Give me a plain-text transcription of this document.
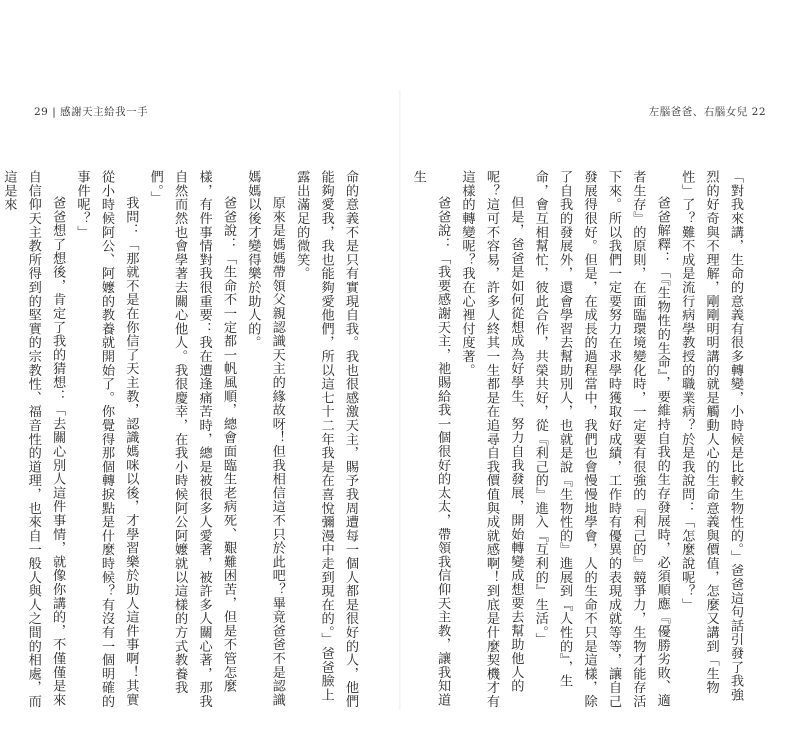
29 | 感謝天主給我一手	左腦爸爸、右腦女兒 22

命的意義不是只有實現自我。我也很感激天主，賜予我周遭每一個人都是很好的人，他們能夠愛我，我也能夠愛他們，所以這七十二年我是在喜悅彌漫中走到現在的。」爸爸臉上露出滿足的微笑。

原來是媽媽帶領父親認識天主的緣故呀！但我相信這不只於此吧？畢竟爸爸不是認識媽媽以後才變得樂於助人的。

爸爸說：「生命不一定都一帆風順，總會面臨生老病死、艱難困苦，但是不管怎麼樣，有件事情對我很重要：我在遭逢痛苦時，總是被很多人愛著，被許多人關心著，那我自然而然也會學著去關心他人。我很慶幸，在我小時候阿公阿嬤就以這樣的方式教養我們。」

我問：「那就不是在你信了天主教，認識媽咪以後，才學習樂於助人這件事啊！其實從小時候阿公、阿嬤的教養就開始了。你覺得那個轉捩點是什麼時候？有沒有一個明確的事件呢？」

爸爸想了想後，肯定了我的猜想：「去關心別人這件事情，就像你講的，不僅僅是來自信仰天主教所得到的堅實的宗教性、福音性的道理，也來自一般人與人之間的相處，而這是來	「對我來講，生命的意義有很多轉變，小時候是比較生物性的。」爸爸這句話引發了我強烈的好奇與不理解，剛剛明明講的就是觸動人心的生命意義與價值，怎麼又講到「生物性」了？難不成是流行病學教授的職業病？於是我說問：「怎麼說呢？」

爸爸解釋：「『生物性的生命』，要維持自我的生存發展時，必須順應『優勝劣敗、適者生存』的原則，在面臨環境變化時，一定要有很強的『利己的』競爭力，生物才能存活下來。所以我們一定要努力在求學時獲取好成績，工作時有優異的表現成就等等，讓自己發展得很好。但是，在成長的過程當中，我們也會慢慢地學會，人的生命不只是這樣，除了自我的發展外，還會學習去幫助別人，也就是說『生物性的』進展到『人性的』，生命，會互相幫忙，彼此合作，共榮共好，從『利己的』進入『互利的』生活。」

但是，爸爸是如何從想成為好學生、努力自我發展，開始轉變成想要去幫助他人的呢？這可不容易，許多人終其一生都是在追尋自我價值與成就感啊！到底是什麼契機才有這樣的轉變呢？我在心裡付度著。

爸爸說：「我要感謝天主，祂賜給我一個很好的太太，帶領我信仰天主教，讓我知道生
